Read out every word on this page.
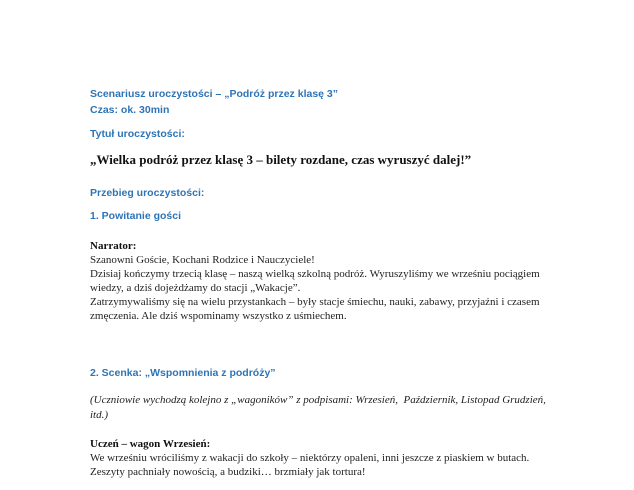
Scenariusz uroczystości – „Podróż przez klasę 3”
Czas: ok. 30min
Tytuł uroczystości:
„Wielka podróż przez klasę 3 – bilety rozdane, czas wyruszyć dalej!”
Przebieg uroczystości:
1. Powitanie gości
Narrator:
Szanowni Goście, Kochani Rodzice i Nauczyciele!
Dzisiaj kończymy trzecią klasę – naszą wielką szkolną podróż. Wyruszyliśmy we wrześniu pociągiem
wiedzy, a dziś dojeżdżamy do stacji „Wakacje”.
Zatrzymywaliśmy się na wielu przystankach – były stacje śmiechu, nauki, zabawy, przyjaźni i czasem
zmęczenia. Ale dziś wspominamy wszystko z uśmiechem.
2. Scenka: „Wspomnienia z podróży”
(Uczniowie wychodzą kolejno z „wagoników” z podpisami: Wrzesień,  Październik, Listopad Grudzień,
itd.)
Uczeń – wagon Wrzesień:
We wrześniu wróciliśmy z wakacji do szkoły – niektórzy opaleni, inni jeszcze z piaskiem w butach.
Zeszyty pachniały nowością, a budziki… brzmiały jak tortura!
